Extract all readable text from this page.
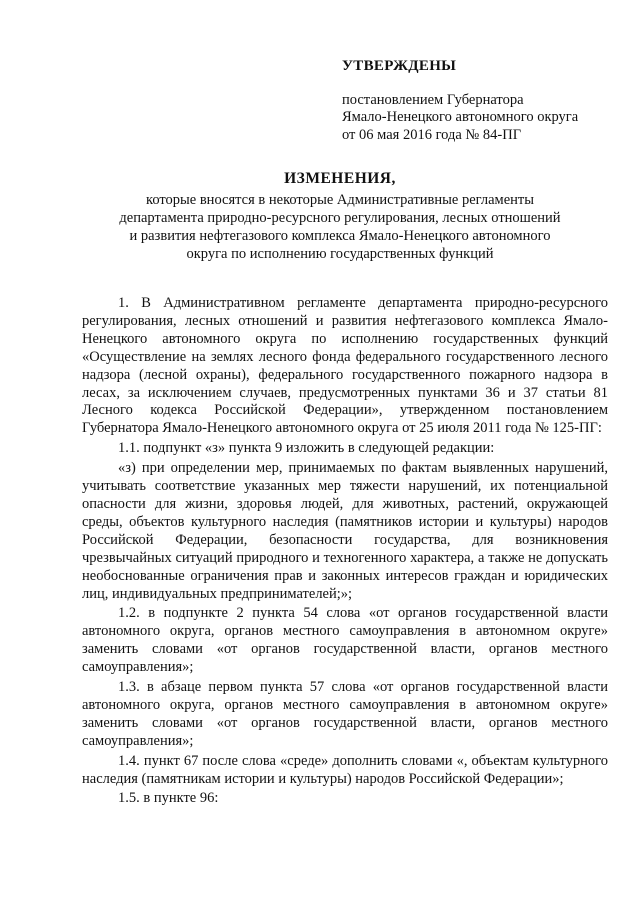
УТВЕРЖДЕНЫ
постановлением Губернатора
Ямало-Ненецкого автономного округа
от 06 мая 2016 года № 84-ПГ
ИЗМЕНЕНИЯ,
которые вносятся в некоторые Административные регламенты
департамента природно-ресурсного регулирования, лесных отношений
и развития нефтегазового комплекса Ямало-Ненецкого автономного
округа по исполнению государственных функций

1. В Административном регламенте департамента природно-ресурсного регулирования, лесных отношений и развития нефтегазового комплекса Ямало-Ненецкого автономного округа по исполнению государственных функций «Осуществление на землях лесного фонда федерального государственного лесного надзора (лесной охраны), федерального государственного пожарного надзора в лесах, за исключением случаев, предусмотренных пунктами 36 и 37 статьи 81 Лесного кодекса Российской Федерации», утвержденном постановлением Губернатора Ямало-Ненецкого автономного округа от 25 июля 2011 года № 125-ПГ:

1.1. подпункт «з» пункта 9 изложить в следующей редакции:

«з) при определении мер, принимаемых по фактам выявленных нарушений, учитывать соответствие указанных мер тяжести нарушений, их потенциальной опасности для жизни, здоровья людей, для животных, растений, окружающей среды, объектов культурного наследия (памятников истории и культуры) народов Российской Федерации, безопасности государства, для возникновения чрезвычайных ситуаций природного и техногенного характера, а также не допускать необоснованные ограничения прав и законных интересов граждан и юридических лиц, индивидуальных предпринимателей;»;

1.2. в подпункте 2 пункта 54 слова «от органов государственной власти автономного округа, органов местного самоуправления в автономном округе» заменить словами «от органов государственной власти, органов местного самоуправления»;

1.3. в абзаце первом пункта 57 слова «от органов государственной власти автономного округа, органов местного самоуправления в автономном округе» заменить словами «от органов государственной власти, органов местного самоуправления»;

1.4. пункт 67 после слова «среде» дополнить словами «, объектам культурного наследия (памятникам истории и культуры) народов Российской Федерации»;

1.5. в пункте 96:
